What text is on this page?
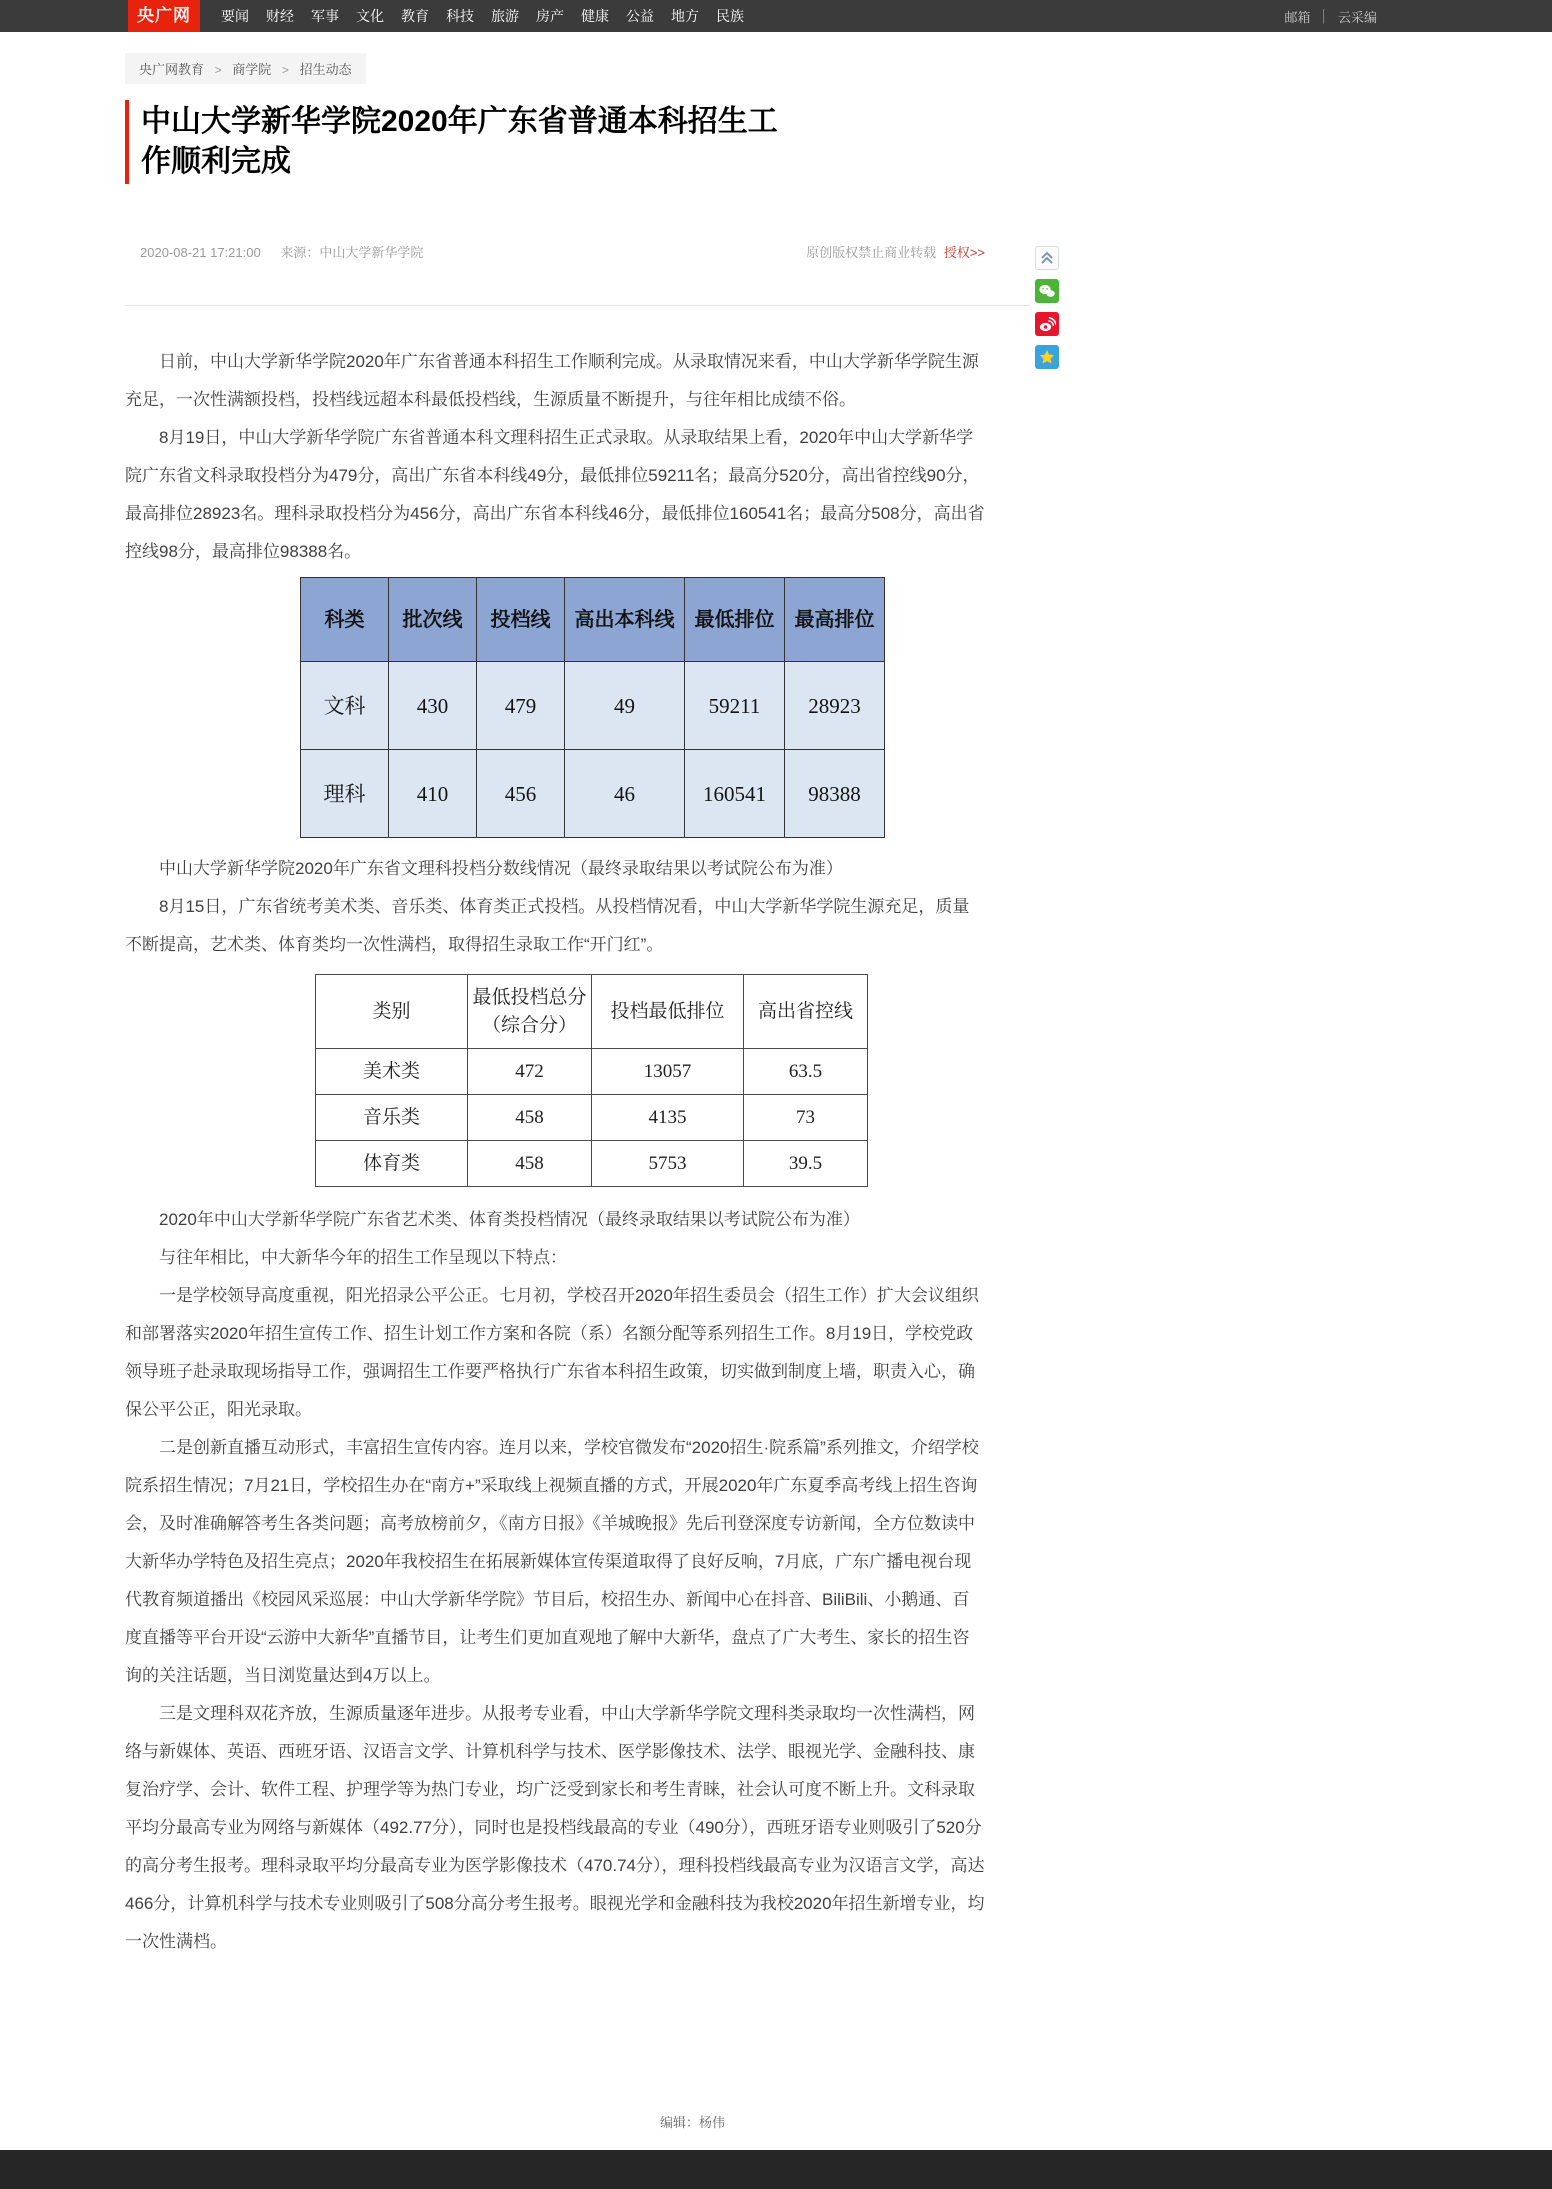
央广网	要闻 财经 军事 文化 教育 科技 旅游 房产 健康 公益 地方 民族	邮箱 │ 云采编
央广网教育 > 商学院 > 招生动态
中山大学新华学院2020年广东省普通本科招生工作顺利完成
2020-08-21 17:21:00 来源：中山大学新华学院	原创版权禁止商业转载 授权>>

日前，中山大学新华学院2020年广东省普通本科招生工作顺利完成。从录取情况来看，中山大学新华学院生源充足，一次性满额投档，投档线远超本科最低投档线，生源质量不断提升，与往年相比成绩不俗。

8月19日，中山大学新华学院广东省普通本科文理科招生正式录取。从录取结果上看，2020年中山大学新华学院广东省文科录取投档分为479分，高出广东省本科线49分，最低排位59211名；最高分520分，高出省控线90分，最高排位28923名。理科录取投档分为456分，高出广东省本科线46分，最低排位160541名；最高分508分，高出省控线98分，最高排位98388名。

科类	批次线	投档线	高出本科线	最低排位	最高排位
文科	430	479	49	59211	28923
理科	410	456	46	160541	98388

中山大学新华学院2020年广东省文理科投档分数线情况（最终录取结果以考试院公布为准）

8月15日，广东省统考美术类、音乐类、体育类正式投档。从投档情况看，中山大学新华学院生源充足，质量不断提高，艺术类、体育类均一次性满档，取得招生录取工作“开门红”。

类别	最低投档总分（综合分）	投档最低排位	高出省控线
美术类	472	13057	63.5
音乐类	458	4135	73
体育类	458	5753	39.5

2020年中山大学新华学院广东省艺术类、体育类投档情况（最终录取结果以考试院公布为准）

与往年相比，中大新华今年的招生工作呈现以下特点：

一是学校领导高度重视，阳光招录公平公正。七月初，学校召开2020年招生委员会（招生工作）扩大会议组织和部署落实2020年招生宣传工作、招生计划工作方案和各院（系）名额分配等系列招生工作。8月19日，学校党政领导班子赴录取现场指导工作，强调招生工作要严格执行广东省本科招生政策，切实做到制度上墙，职责入心，确保公平公正，阳光录取。

二是创新直播互动形式，丰富招生宣传内容。连月以来，学校官微发布“2020招生·院系篇”系列推文，介绍学校院系招生情况；7月21日，学校招生办在“南方+”采取线上视频直播的方式，开展2020年广东夏季高考线上招生咨询会，及时准确解答考生各类问题；高考放榜前夕，《南方日报》《羊城晚报》先后刊登深度专访新闻，全方位数读中大新华办学特色及招生亮点；2020年我校招生在拓展新媒体宣传渠道取得了良好反响，7月底，广东广播电视台现代教育频道播出《校园风采巡展：中山大学新华学院》节目后，校招生办、新闻中心在抖音、BiliBili、小鹅通、百度直播等平台开设“云游中大新华”直播节目，让考生们更加直观地了解中大新华，盘点了广大考生、家长的招生咨询的关注话题，当日浏览量达到4万以上。

三是文理科双花齐放，生源质量逐年进步。从报考专业看，中山大学新华学院文理科类录取均一次性满档，网络与新媒体、英语、西班牙语、汉语言文学、计算机科学与技术、医学影像技术、法学、眼视光学、金融科技、康复治疗学、会计、软件工程、护理学等为热门专业，均广泛受到家长和考生青睐，社会认可度不断上升。文科录取平均分最高专业为网络与新媒体（492.77分），同时也是投档线最高的专业（490分），西班牙语专业则吸引了520分的高分考生报考。理科录取平均分最高专业为医学影像技术（470.74分），理科投档线最高专业为汉语言文学，高达466分，计算机科学与技术专业则吸引了508分高分考生报考。眼视光学和金融科技为我校2020年招生新增专业，均一次性满档。

编辑：杨伟
